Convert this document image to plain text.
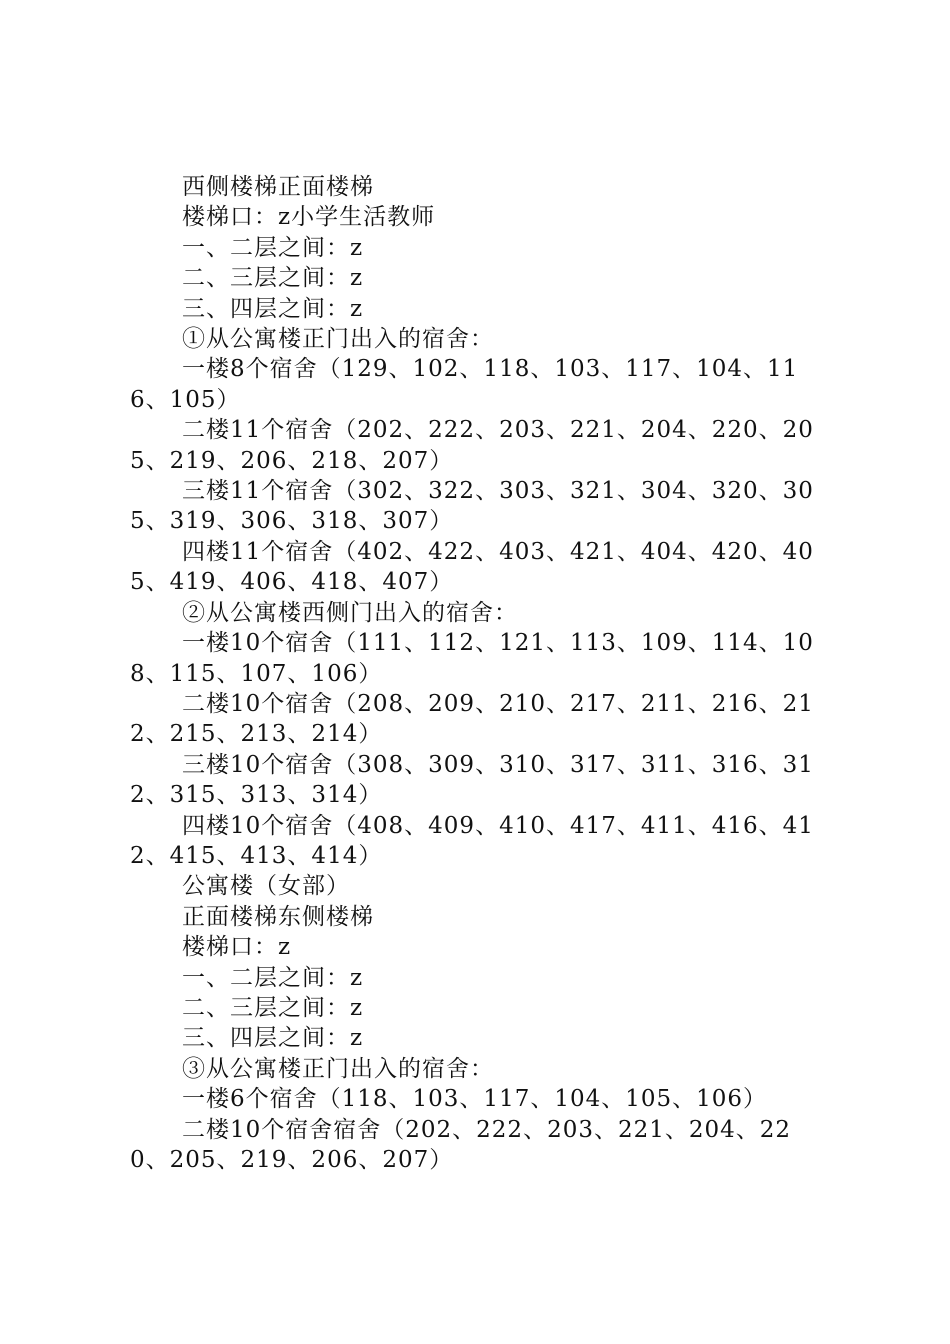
西侧楼梯正面楼梯

楼梯口：z小学生活教师

一、二层之间：z

二、三层之间：z

三、四层之间：z

①从公寓楼正门出入的宿舍：

一楼8个宿舍（129、102、118、103、117、104、116、105）

二楼11个宿舍（202、222、203、221、204、220、205、219、206、218、207）

三楼11个宿舍（302、322、303、321、304、320、305、319、306、318、307）

四楼11个宿舍（402、422、403、421、404、420、405、419、406、418、407）

②从公寓楼西侧门出入的宿舍：

一楼10个宿舍（111、112、121、113、109、114、108、115、107、106）

二楼10个宿舍（208、209、210、217、211、216、212、215、213、214）

三楼10个宿舍（308、309、310、317、311、316、312、315、313、314）

四楼10个宿舍（408、409、410、417、411、416、412、415、413、414）

公寓楼（女部）

正面楼梯东侧楼梯

楼梯口：z

一、二层之间：z

二、三层之间：z

三、四层之间：z

③从公寓楼正门出入的宿舍：

一楼6个宿舍（118、103、117、104、105、106）

二楼10个宿舍宿舍（202、222、203、221、204、220、205、219、206、207）
